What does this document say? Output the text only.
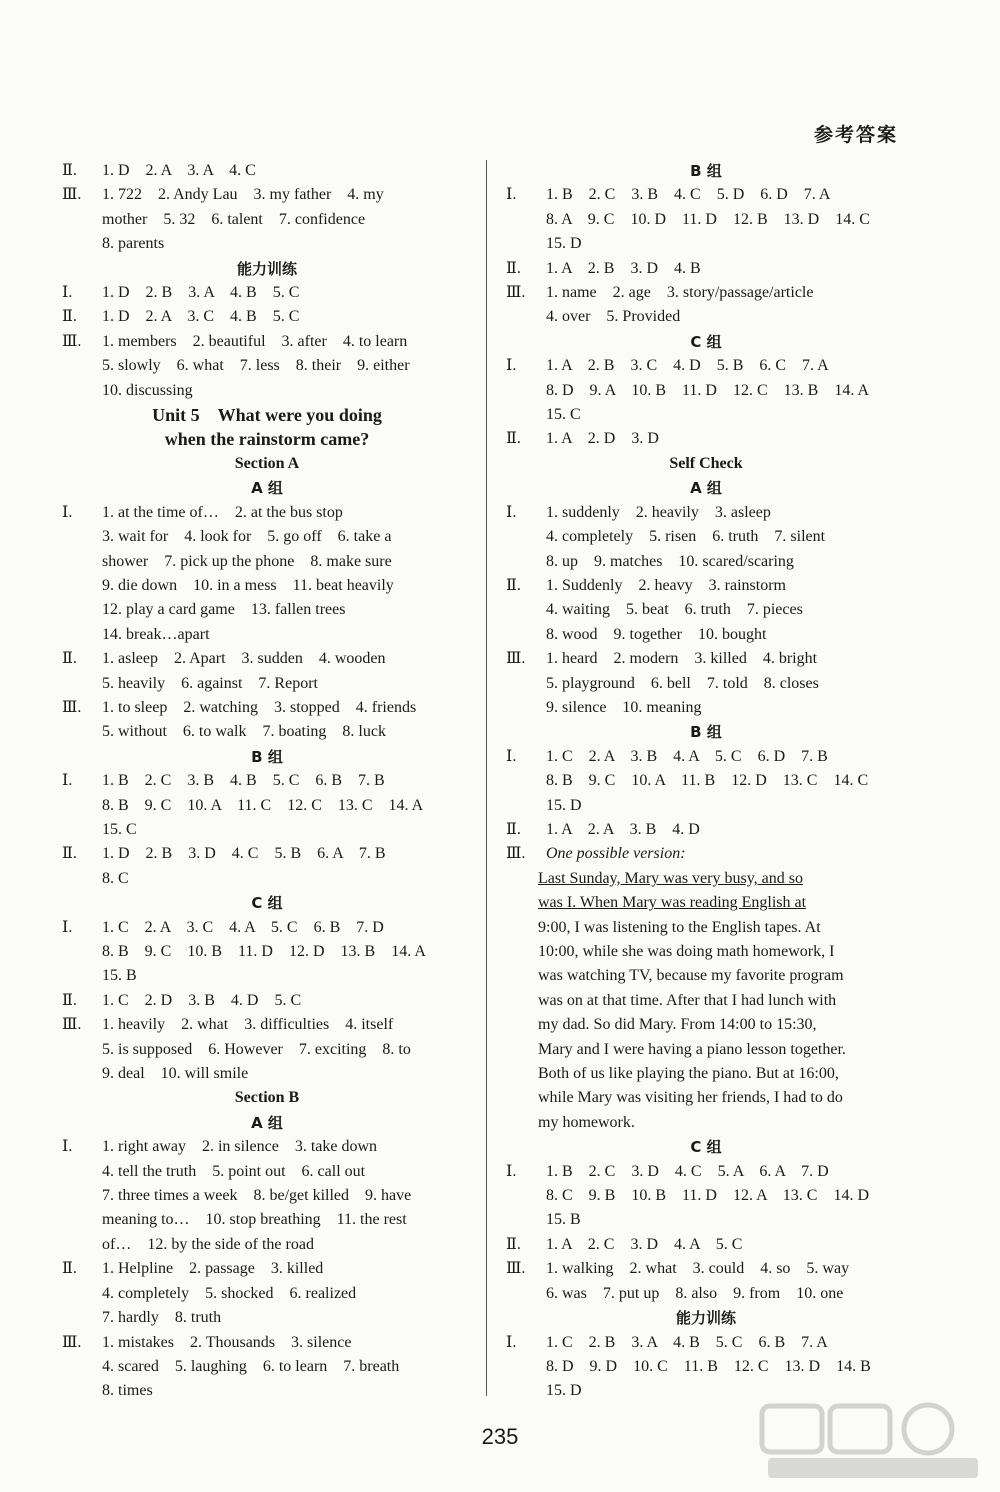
参考答案
Ⅱ.	1. D　2. A　3. A　4. C
Ⅲ.	1. 722　2. Andy Lau　3. my father　4. my
mother　5. 32　6. talent　7. confidence
8. parents
能力训练
Ⅰ.	1. D　2. B　3. A　4. B　5. C
Ⅱ.	1. D　2. A　3. C　4. B　5. C
Ⅲ.	1. members　2. beautiful　3. after　4. to learn
5. slowly　6. what　7. less　8. their　9. either
10. discussing
Unit 5　What were you doing
when the rainstorm came?
Section A
A 组
Ⅰ.	1. at the time of…　2. at the bus stop
3. wait for　4. look for　5. go off　6. take a
shower　7. pick up the phone　8. make sure
9. die down　10. in a mess　11. beat heavily
12. play a card game　13. fallen trees
14. break…apart
Ⅱ.	1. asleep　2. Apart　3. sudden　4. wooden
5. heavily　6. against　7. Report
Ⅲ.	1. to sleep　2. watching　3. stopped　4. friends
5. without　6. to walk　7. boating　8. luck
B 组
Ⅰ.	1. B　2. C　3. B　4. B　5. C　6. B　7. B
8. B　9. C　10. A　11. C　12. C　13. C　14. A
15. C
Ⅱ.	1. D　2. B　3. D　4. C　5. B　6. A　7. B
8. C
C 组
Ⅰ.	1. C　2. A　3. C　4. A　5. C　6. B　7. D
8. B　9. C　10. B　11. D　12. D　13. B　14. A
15. B
Ⅱ.	1. C　2. D　3. B　4. D　5. C
Ⅲ.	1. heavily　2. what　3. difficulties　4. itself
5. is supposed　6. However　7. exciting　8. to
9. deal　10. will smile
Section B
A 组
Ⅰ.	1. right away　2. in silence　3. take down
4. tell the truth　5. point out　6. call out
7. three times a week　8. be/get killed　9. have
meaning to…　10. stop breathing　11. the rest
of…　12. by the side of the road
Ⅱ.	1. Helpline　2. passage　3. killed
4. completely　5. shocked　6. realized
7. hardly　8. truth
Ⅲ.	1. mistakes　2. Thousands　3. silence
4. scared　5. laughing　6. to learn　7. breath
8. times
B 组
Ⅰ.	1. B　2. C　3. B　4. C　5. D　6. D　7. A
8. A　9. C　10. D　11. D　12. B　13. D　14. C
15. D
Ⅱ.	1. A　2. B　3. D　4. B
Ⅲ.	1. name　2. age　3. story/passage/article
4. over　5. Provided
C 组
Ⅰ.	1. A　2. B　3. C　4. D　5. B　6. C　7. A
8. D　9. A　10. B　11. D　12. C　13. B　14. A
15. C
Ⅱ.	1. A　2. D　3. D
Self Check
A 组
Ⅰ.	1. suddenly　2. heavily　3. asleep
4. completely　5. risen　6. truth　7. silent
8. up　9. matches　10. scared/scaring
Ⅱ.	1. Suddenly　2. heavy　3. rainstorm
4. waiting　5. beat　6. truth　7. pieces
8. wood　9. together　10. bought
Ⅲ.	1. heard　2. modern　3. killed　4. bright
5. playground　6. bell　7. told　8. closes
9. silence　10. meaning
B 组
Ⅰ.	1. C　2. A　3. B　4. A　5. C　6. D　7. B
8. B　9. C　10. A　11. B　12. D　13. C　14. C
15. D
Ⅱ.	1. A　2. A　3. B　4. D
Ⅲ.	One possible version:
Last Sunday, Mary was very busy, and so
was I. When Mary was reading English at
9:00, I was listening to the English tapes. At
10:00, while she was doing math homework, I
was watching TV, because my favorite program
was on at that time. After that I had lunch with
my dad. So did Mary. From 14:00 to 15:30,
Mary and I were having a piano lesson together.
Both of us like playing the piano. But at 16:00,
while Mary was visiting her friends, I had to do
my homework.
C 组
Ⅰ.	1. B　2. C　3. D　4. C　5. A　6. A　7. D
8. C　9. B　10. B　11. D　12. A　13. C　14. D
15. B
Ⅱ.	1. A　2. C　3. D　4. A　5. C
Ⅲ.	1. walking　2. what　3. could　4. so　5. way
6. was　7. put up　8. also　9. from　10. one
能力训练
Ⅰ.	1. C　2. B　3. A　4. B　5. C　6. B　7. A
8. D　9. D　10. C　11. B　12. C　13. D　14. B
15. D
235
